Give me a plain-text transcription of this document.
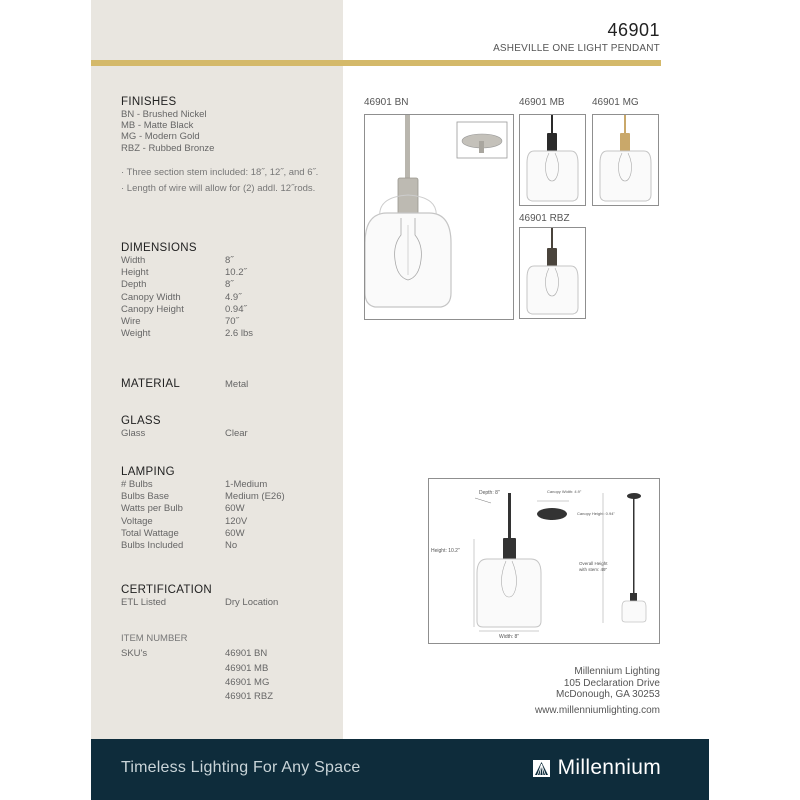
46901
ASHEVILLE ONE LIGHT PENDANT
FINISHES
BN - Brushed Nickel
MB - Matte Black
MG - Modern Gold
RBZ - Rubbed Bronze
· Three section stem included: 18˝, 12˝, and 6˝.
· Length of wire will allow for (2) addl. 12˝rods.
DIMENSIONS
Width	8˝
Height	10.2˝
Depth	8˝
Canopy Width	4.9˝
Canopy Height	0.94˝
Wire	70˝
Weight	2.6 lbs
MATERIAL	Metal
GLASS
Glass	Clear
LAMPING
# Bulbs	1-Medium
Bulbs Base	Medium (E26)
Watts per Bulb	60W
Voltage	120V
Total Wattage	60W
Bulbs Included	No
CERTIFICATION
ETL Listed	Dry Location
ITEM NUMBER
SKU's	46901 BN
46901 MB
46901 MG
46901 RBZ
46901 BN	46901 MB	46901 MG
46901 RBZ
Depth: 8"
Height: 10.2"
Width: 8"
Canopy Width: 4.9"
Canopy Height: 0.94"
Overall Height
with stem: 49"
Millennium Lighting
105 Declaration Drive
McDonough, GA 30253
www.millenniumlighting.com
Timeless Lighting For Any Space	Millennium
